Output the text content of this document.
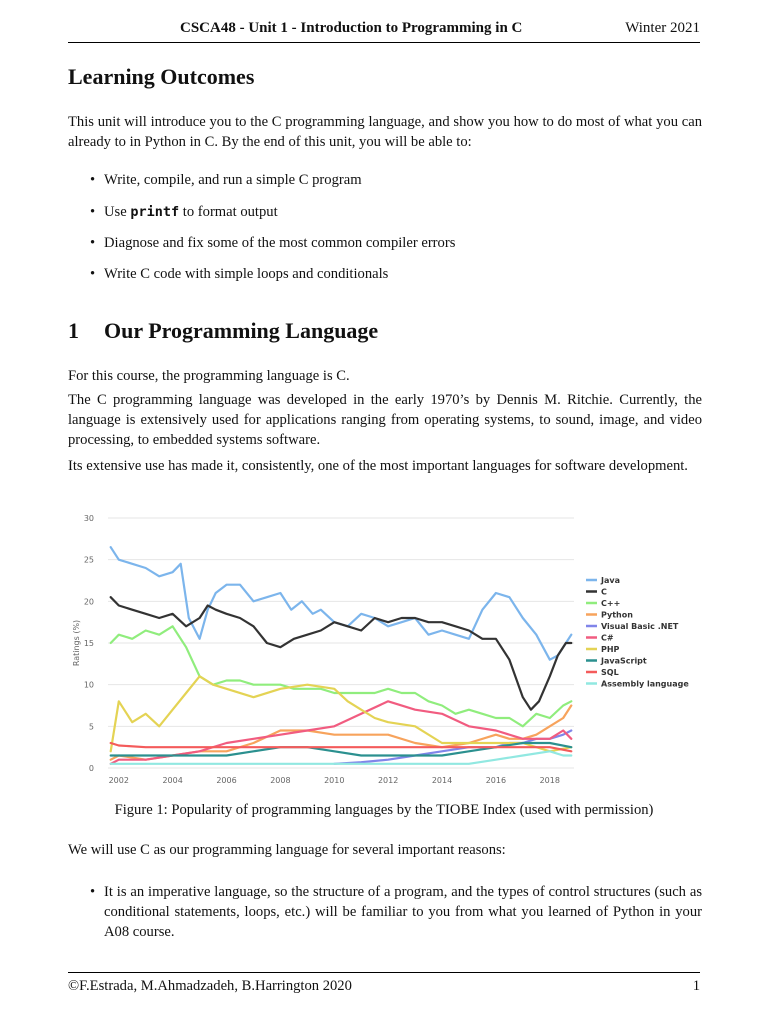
CSCA48 - Unit 1 - Introduction to Programming in C	Winter 2021
Learning Outcomes
This unit will introduce you to the C programming language, and show you how to do most of what you can already to in Python in C. By the end of this unit, you will be able to:
• Write, compile, and run a simple C program
• Use printf to format output
• Diagnose and fix some of the most common compiler errors
• Write C code with simple loops and conditionals
1 Our Programming Language
For this course, the programming language is C.
The C programming language was developed in the early 1970’s by Dennis M. Ritchie. Currently, the language is extensively used for applications ranging from operating systems, to sound, image, and video processing, to embedded systems software.
Its extensive use has made it, consistently, one of the most important languages for software development.
0
5
10
15
20
25
30
2002	2004	2006	2008	2010	2012	2014	2016	2018
Ratings (%)
Java
C
C++
Python
Visual Basic .NET
C#
PHP
JavaScript
SQL
Assembly language
Figure 1: Popularity of programming languages by the TIOBE Index (used with permission)
We will use C as our programming language for several important reasons:
• It is an imperative language, so the structure of a program, and the types of control structures (such as conditional statements, loops, etc.) will be familiar to you from what you learned of Python in your A08 course.
©F.Estrada, M.Ahmadzadeh, B.Harrington 2020	1
